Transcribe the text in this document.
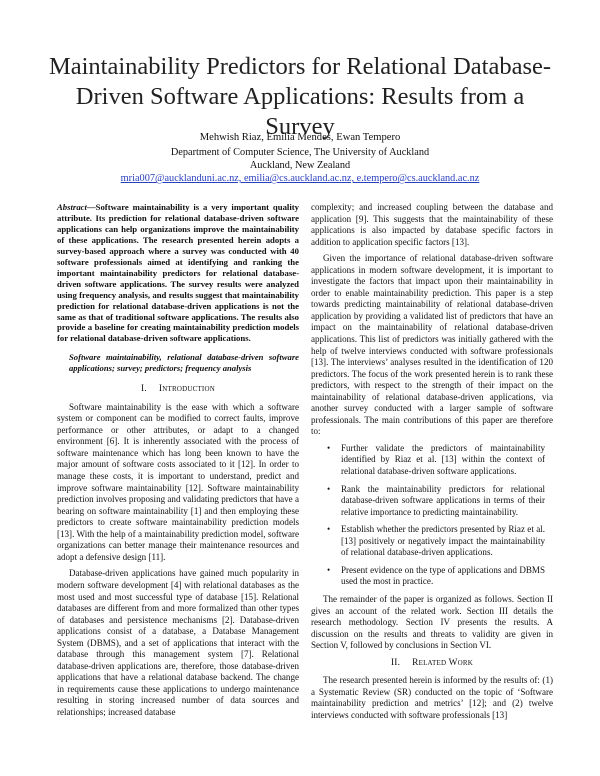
Maintainability Predictors for Relational Database-
Driven Software Applications: Results from a Survey
Mehwish Riaz, Emilia Mendes, Ewan Tempero
Department of Computer Science, The University of Auckland
Auckland, New Zealand
mria007@aucklanduni.ac.nz, emilia@cs.auckland.ac.nz, e.tempero@cs.auckland.ac.nz

Abstract—Software maintainability is a very important quality attribute. Its prediction for relational database-driven software applications can help organizations improve the maintainability of these applications. The research presented herein adopts a survey-based approach where a survey was conducted with 40 software professionals aimed at identifying and ranking the important maintainability predictors for relational database-driven software applications. The survey results were analyzed using frequency analysis, and results suggest that maintainability prediction for relational database-driven applications is not the same as that of traditional software applications. The results also provide a baseline for creating maintainability prediction models for relational database-driven software applications.

Software maintainability, relational database-driven software applications; survey; predictors; frequency analysis

I. Introduction

Software maintainability is the ease with which a software system or component can be modified to correct faults, improve performance or other attributes, or adapt to a changed environment [6]. It is inherently associated with the process of software maintenance which has long been known to have the major amount of software costs associated to it [12]. In order to manage these costs, it is important to understand, predict and improve software maintainability [12]. Software maintainability prediction involves proposing and validating predictors that have a bearing on software maintainability [1] and then employing these predictors to create software maintainability prediction models [13]. With the help of a maintainability prediction model, software organizations can better manage their maintenance resources and adopt a defensive design [11].

Database-driven applications have gained much popularity in modern software development [4] with relational databases as the most used and most successful type of database [15]. Relational databases are different from and more formalized than other types of databases and persistence mechanisms [2]. Database-driven applications consist of a database, a Database Management System (DBMS), and a set of applications that interact with the database through this management system [7]. Relational database-driven applications are, therefore, those database-driven applications that have a relational database backend. The change in requirements cause these applications to undergo maintenance resulting in storing increased number of data sources and relationships; increased database

complexity; and increased coupling between the database and application [9]. This suggests that the maintainability of these applications is also impacted by database specific factors in addition to application specific factors [13].

Given the importance of relational database-driven software applications in modern software development, it is important to investigate the factors that impact upon their maintainability in order to enable maintainability prediction. This paper is a step towards predicting maintainability of relational database-driven application by providing a validated list of predictors that have an impact on the maintainability of relational database-driven applications. This list of predictors was initially gathered with the help of twelve interviews conducted with software professionals [13]. The interviews’ analyses resulted in the identification of 120 predictors. The focus of the work presented herein is to rank these predictors, with respect to the strength of their impact on the maintainability of relational database-driven applications, via another survey conducted with a larger sample of software professionals. The main contributions of this paper are therefore to:

• Further validate the predictors of maintainability identified by Riaz et al. [13] within the context of relational database-driven software applications.
• Rank the maintainability predictors for relational database-driven software applications in terms of their relative importance to predicting maintainability.
• Establish whether the predictors presented by Riaz et al. [13] positively or negatively impact the maintainability of relational database-driven applications.
• Present evidence on the type of applications and DBMS used the most in practice.

The remainder of the paper is organized as follows. Section II gives an account of the related work. Section III details the research methodology. Section IV presents the results. A discussion on the results and threats to validity are given in Section V, followed by conclusions in Section VI.

II. Related Work

The research presented herein is informed by the results of: (1) a Systematic Review (SR) conducted on the topic of ‘Software maintainability prediction and metrics’ [12]; and (2) twelve interviews conducted with software professionals [13]
